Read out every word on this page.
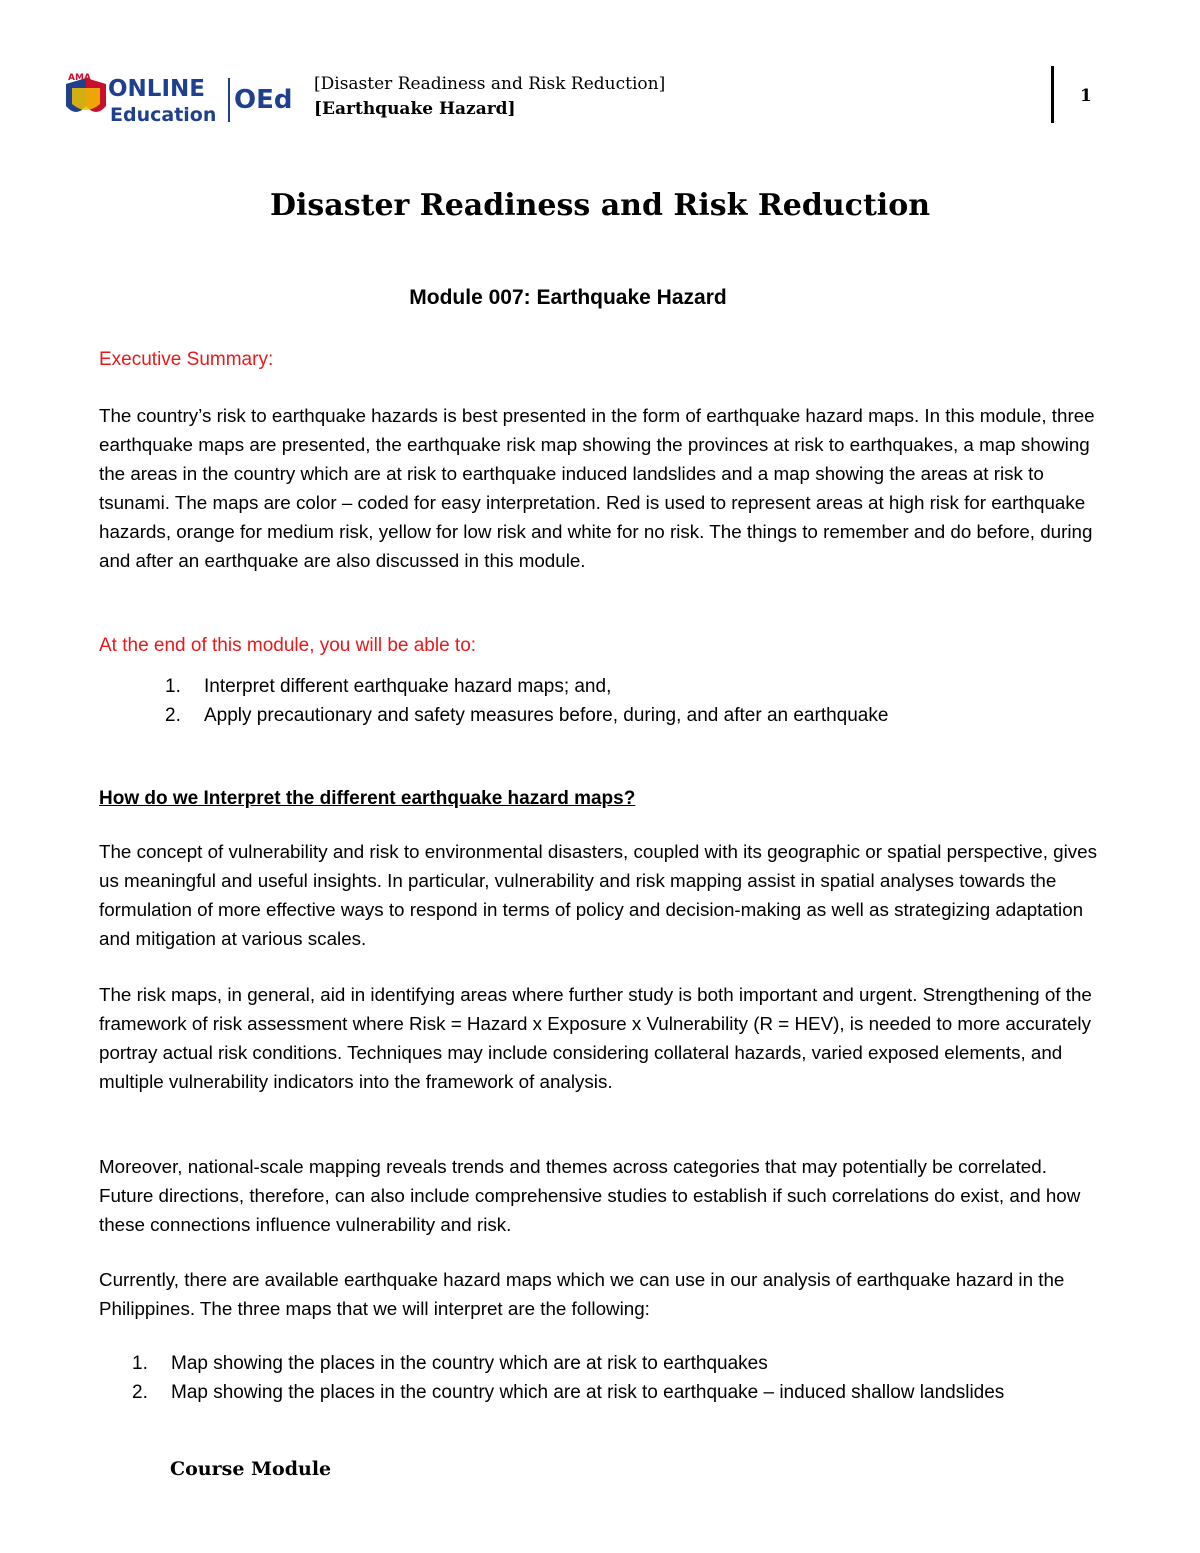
AMA ONLINE
Education OEd
[Disaster Readiness and Risk Reduction]
[Earthquake Hazard]
1
Disaster Readiness and Risk Reduction
Module 007: Earthquake Hazard
Executive Summary:
The country’s risk to earthquake hazards is best presented in the form of earthquake hazard maps. In this module, three earthquake maps are presented, the earthquake risk map showing the provinces at risk to earthquakes, a map showing the areas in the country which are at risk to earthquake induced landslides and a map showing the areas at risk to tsunami. The maps are color – coded for easy interpretation. Red is used to represent areas at high risk for earthquake hazards, orange for medium risk, yellow for low risk and white for no risk. The things to remember and do before, during and after an earthquake are also discussed in this module.
At the end of this module, you will be able to:
1. Interpret different earthquake hazard maps; and,
2. Apply precautionary and safety measures before, during, and after an earthquake
How do we Interpret the different earthquake hazard maps?
The concept of vulnerability and risk to environmental disasters, coupled with its geographic or spatial perspective, gives us meaningful and useful insights. In particular, vulnerability and risk mapping assist in spatial analyses towards the formulation of more effective ways to respond in terms of policy and decision-making as well as strategizing adaptation and mitigation at various scales.
The risk maps, in general, aid in identifying areas where further study is both important and urgent. Strengthening of the framework of risk assessment where Risk = Hazard x Exposure x Vulnerability (R = HEV), is needed to more accurately portray actual risk conditions. Techniques may include considering collateral hazards, varied exposed elements, and multiple vulnerability indicators into the framework of analysis.
Moreover, national-scale mapping reveals trends and themes across categories that may potentially be correlated. Future directions, therefore, can also include comprehensive studies to establish if such correlations do exist, and how these connections influence vulnerability and risk.
Currently, there are available earthquake hazard maps which we can use in our analysis of earthquake hazard in the Philippines. The three maps that we will interpret are the following:
1. Map showing the places in the country which are at risk to earthquakes
2. Map showing the places in the country which are at risk to earthquake – induced shallow landslides
Course Module
